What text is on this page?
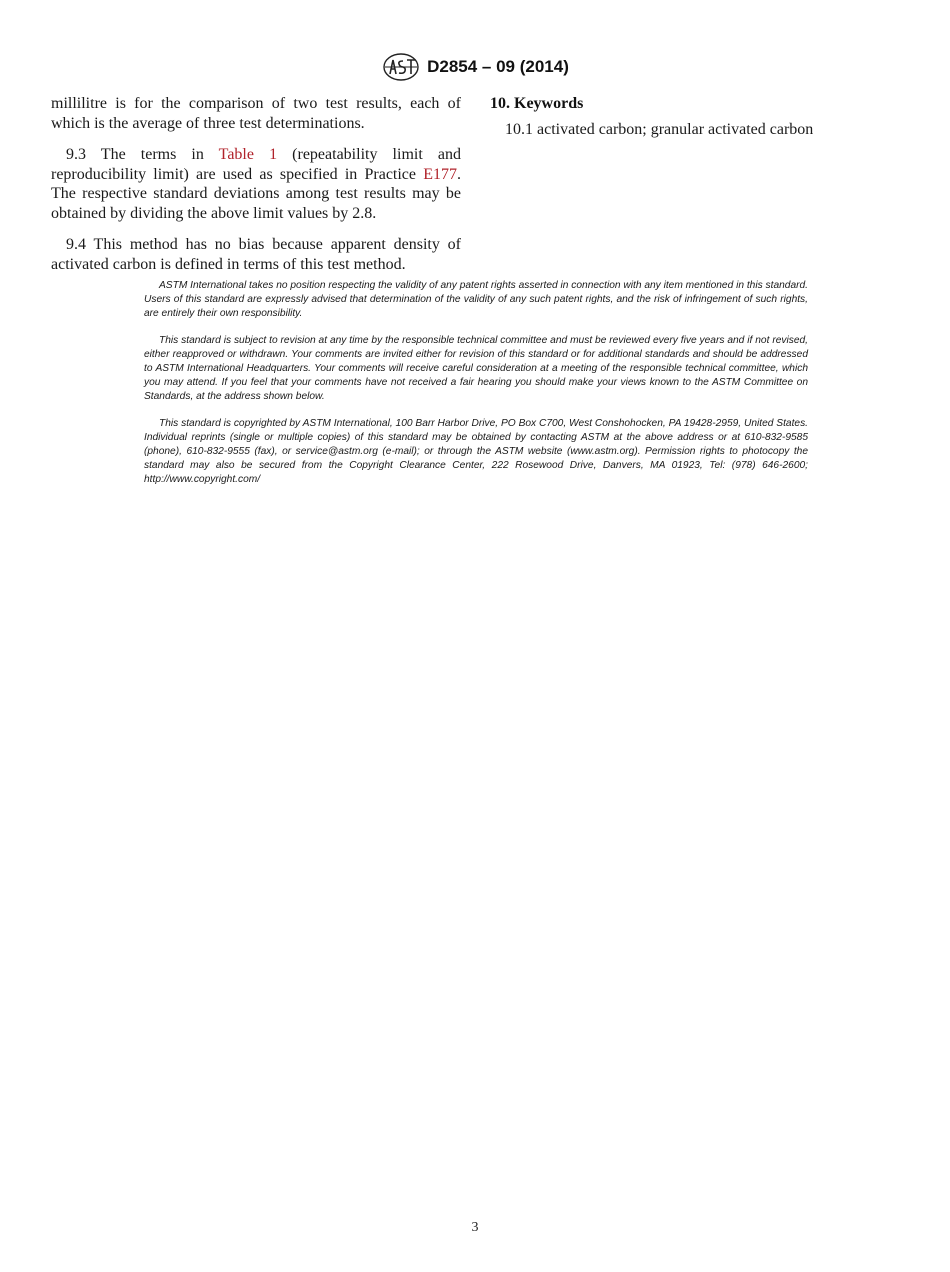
D2854 – 09 (2014)

millilitre is for the comparison of two test results, each of which is the average of three test determinations.

9.3 The terms in Table 1 (repeatability limit and reproducibility limit) are used as specified in Practice E177. The respective standard deviations among test results may be obtained by dividing the above limit values by 2.8.

9.4 This method has no bias because apparent density of activated carbon is defined in terms of this test method.

10. Keywords

10.1 activated carbon; granular activated carbon

ASTM International takes no position respecting the validity of any patent rights asserted in connection with any item mentioned in this standard. Users of this standard are expressly advised that determination of the validity of any such patent rights, and the risk of infringement of such rights, are entirely their own responsibility.

This standard is subject to revision at any time by the responsible technical committee and must be reviewed every five years and if not revised, either reapproved or withdrawn. Your comments are invited either for revision of this standard or for additional standards and should be addressed to ASTM International Headquarters. Your comments will receive careful consideration at a meeting of the responsible technical committee, which you may attend. If you feel that your comments have not received a fair hearing you should make your views known to the ASTM Committee on Standards, at the address shown below.

This standard is copyrighted by ASTM International, 100 Barr Harbor Drive, PO Box C700, West Conshohocken, PA 19428-2959, United States. Individual reprints (single or multiple copies) of this standard may be obtained by contacting ASTM at the above address or at 610-832-9585 (phone), 610-832-9555 (fax), or service@astm.org (e-mail); or through the ASTM website (www.astm.org). Permission rights to photocopy the standard may also be secured from the Copyright Clearance Center, 222 Rosewood Drive, Danvers, MA 01923, Tel: (978) 646-2600; http://www.copyright.com/

3
